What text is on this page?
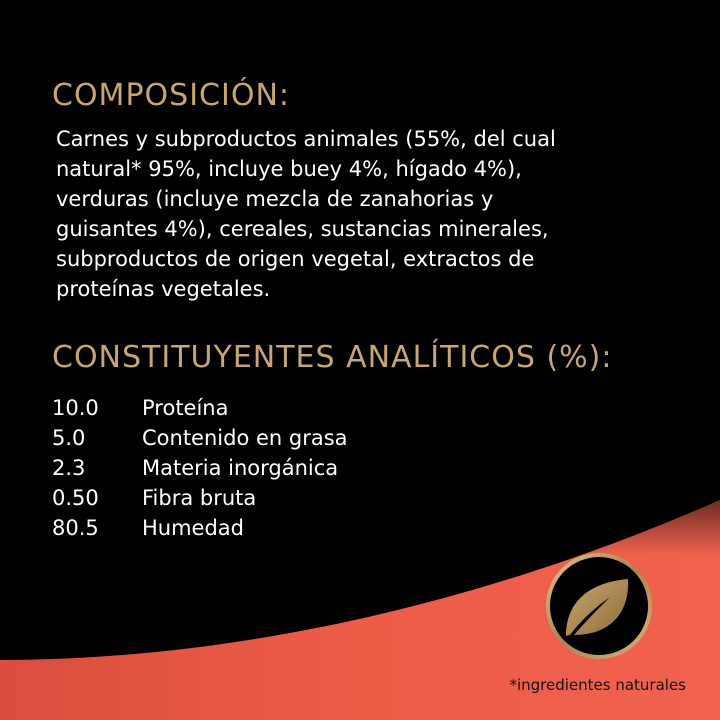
COMPOSICIÓN:

Carnes y subproductos animales (55%, del cual
natural* 95%, incluye buey 4%, hígado 4%),
verduras (incluye mezcla de zanahorias y
guisantes 4%), cereales, sustancias minerales,
subproductos de origen vegetal, extractos de
proteínas vegetales.

CONSTITUYENTES ANALÍTICOS (%):
10.0	Proteína
5.0	Contenido en grasa
2.3	Materia inorgánica
0.50	Fibra bruta
80.5	Humedad

*ingredientes naturales
